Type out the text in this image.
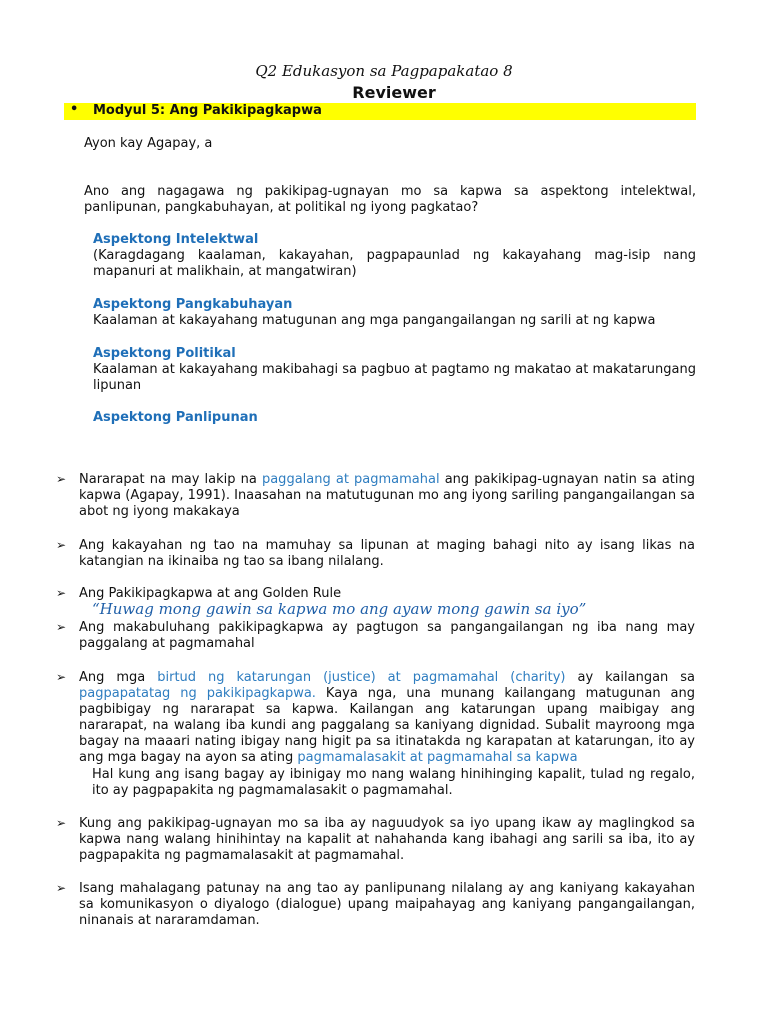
Q2 Edukasyon sa Pagpapakatao 8
Reviewer
• Modyul 5: Ang Pakikipagkapwa
Ayon kay Agapay, a
Ano ang nagagawa ng pakikipag-ugnayan mo sa kapwa sa aspektong intelektwal, panlipunan, pangkabuhayan, at politikal ng iyong pagkatao?
Aspektong Intelektwal
(Karagdagang kaalaman, kakayahan, pagpapaunlad ng kakayahang mag-isip nang mapanuri at malikhain, at mangatwiran)
Aspektong Pangkabuhayan
Kaalaman at kakayahang matugunan ang mga pangangailangan ng sarili at ng kapwa
Aspektong Politikal
Kaalaman at kakayahang makibahagi sa pagbuo at pagtamo ng makatao at makatarungang lipunan
Aspektong Panlipunan
➢ Nararapat na may lakip na paggalang at pagmamahal ang pakikipag-ugnayan natin sa ating kapwa (Agapay, 1991). Inaasahan na matutugunan mo ang iyong sariling pangangailangan sa abot ng iyong makakaya
➢ Ang kakayahan ng tao na mamuhay sa lipunan at maging bahagi nito ay isang likas na katangian na ikinaiba ng tao sa ibang nilalang.
➢ Ang Pakikipagkapwa at ang Golden Rule
“Huwag mong gawin sa kapwa mo ang ayaw mong gawin sa iyo”
➢ Ang makabuluhang pakikipagkapwa ay pagtugon sa pangangailangan ng iba nang may paggalang at pagmamahal
➢ Ang mga birtud ng katarungan (justice) at pagmamahal (charity) ay kailangan sa pagpapatatag ng pakikipagkapwa. Kaya nga, una munang kailangang matugunan ang pagbibigay ng nararapat sa kapwa. Kailangan ang katarungan upang maibigay ang nararapat, na walang iba kundi ang paggalang sa kaniyang dignidad. Subalit mayroong mga bagay na maaari nating ibigay nang higit pa sa itinatakda ng karapatan at katarungan, ito ay ang mga bagay na ayon sa ating pagmamalasakit at pagmamahal sa kapwa
Hal kung ang isang bagay ay ibinigay mo nang walang hinihinging kapalit, tulad ng regalo, ito ay pagpapakita ng pagmamalasakit o pagmamahal.
➢ Kung ang pakikipag-ugnayan mo sa iba ay naguudyok sa iyo upang ikaw ay maglingkod sa kapwa nang walang hinihintay na kapalit at nahahanda kang ibahagi ang sarili sa iba, ito ay pagpapakita ng pagmamalasakit at pagmamahal.
➢ Isang mahalagang patunay na ang tao ay panlipunang nilalang ay ang kaniyang kakayahan sa komunikasyon o diyalogo (dialogue) upang maipahayag ang kaniyang pangangailangan, ninanais at nararamdaman.
